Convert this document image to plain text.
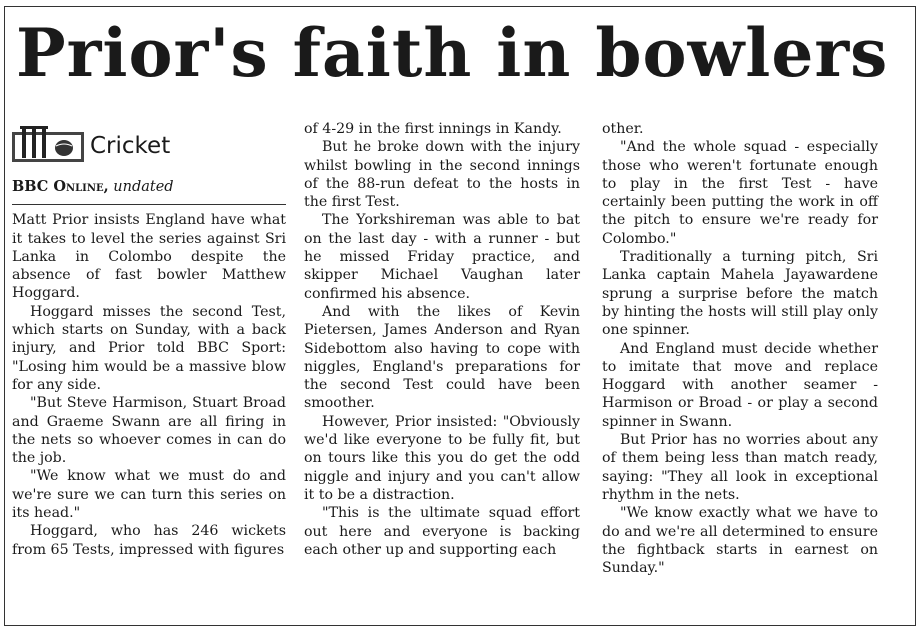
Prior's faith in bowlers
Cricket
BBC Online, undated

Matt Prior insists England have what it takes to level the series against Sri Lanka in Colombo despite the absence of fast bowler Matthew Hoggard.

Hoggard misses the second Test, which starts on Sunday, with a back injury, and Prior told BBC Sport: "Losing him would be a massive blow for any side.

"But Steve Harmison, Stuart Broad and Graeme Swann are all firing in the nets so whoever comes in can do the job.

"We know what we must do and we're sure we can turn this series on its head."

Hoggard, who has 246 wickets from 65 Tests, impressed with figures

of 4-29 in the first innings in Kandy.

But he broke down with the injury whilst bowling in the second innings of the 88-run defeat to the hosts in the first Test.

The Yorkshireman was able to bat on the last day - with a runner - but he missed Friday practice, and skipper Michael Vaughan later confirmed his absence.

And with the likes of Kevin Pietersen, James Anderson and Ryan Sidebottom also having to cope with niggles, England's preparations for the second Test could have been smoother.

However, Prior insisted: "Obviously we'd like everyone to be fully fit, but on tours like this you do get the odd niggle and injury and you can't allow it to be a distraction.

"This is the ultimate squad effort out here and everyone is backing each other up and supporting each

other.

"And the whole squad - especially those who weren't fortunate enough to play in the first Test - have certainly been putting the work in off the pitch to ensure we're ready for Colombo."

Traditionally a turning pitch, Sri Lanka captain Mahela Jayawardene sprung a surprise before the match by hinting the hosts will still play only one spinner.

And England must decide whether to imitate that move and replace Hoggard with another seamer - Harmison or Broad - or play a second spinner in Swann.

But Prior has no worries about any of them being less than match ready, saying: "They all look in exceptional rhythm in the nets.

"We know exactly what we have to do and we're all determined to ensure the fightback starts in earnest on Sunday."
